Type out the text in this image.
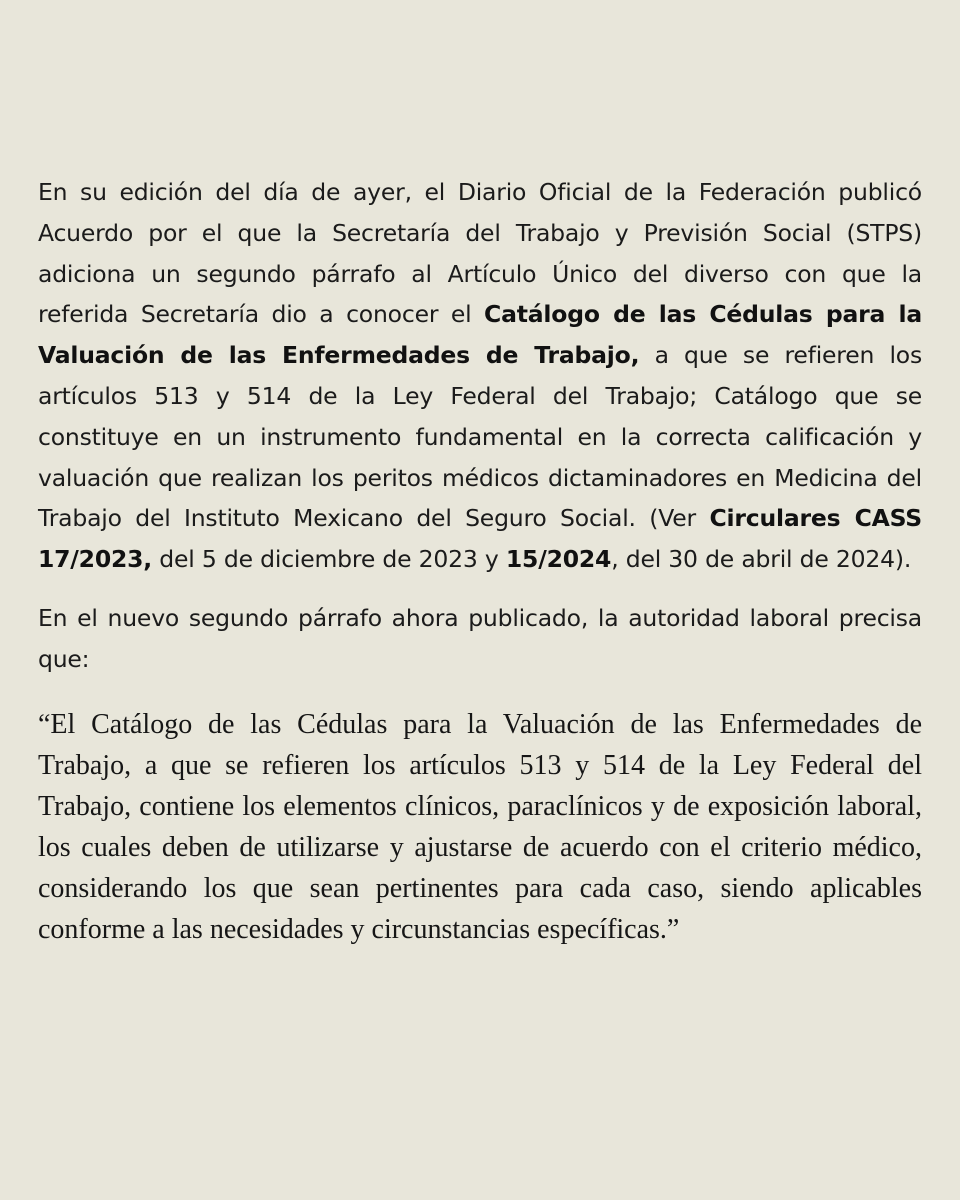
En su edición del día de ayer, el Diario Oficial de la Federación publicó Acuerdo por el que la Secretaría del Trabajo y Previsión Social (STPS) adiciona un segundo párrafo al Artículo Único del diverso con que la referida Secretaría dio a conocer el Catálogo de las Cédulas para la Valuación de las Enfermedades de Trabajo, a que se refieren los artículos 513 y 514 de la Ley Federal del Trabajo; Catálogo que se constituye en un instrumento fundamental en la correcta calificación y valuación que realizan los peritos médicos dictaminadores en Medicina del Trabajo del Instituto Mexicano del Seguro Social. (Ver Circulares CASS 17/2023, del 5 de diciembre de 2023 y 15/2024, del 30 de abril de 2024).

En el nuevo segundo párrafo ahora publicado, la autoridad laboral precisa que:

“El Catálogo de las Cédulas para la Valuación de las Enfermedades de Trabajo, a que se refieren los artículos 513 y 514 de la Ley Federal del Trabajo, contiene los elementos clínicos, paraclínicos y de exposición laboral, los cuales deben de utilizarse y ajustarse de acuerdo con el criterio médico, considerando los que sean pertinentes para cada caso, siendo aplicables conforme a las necesidades y circunstancias específicas.”
